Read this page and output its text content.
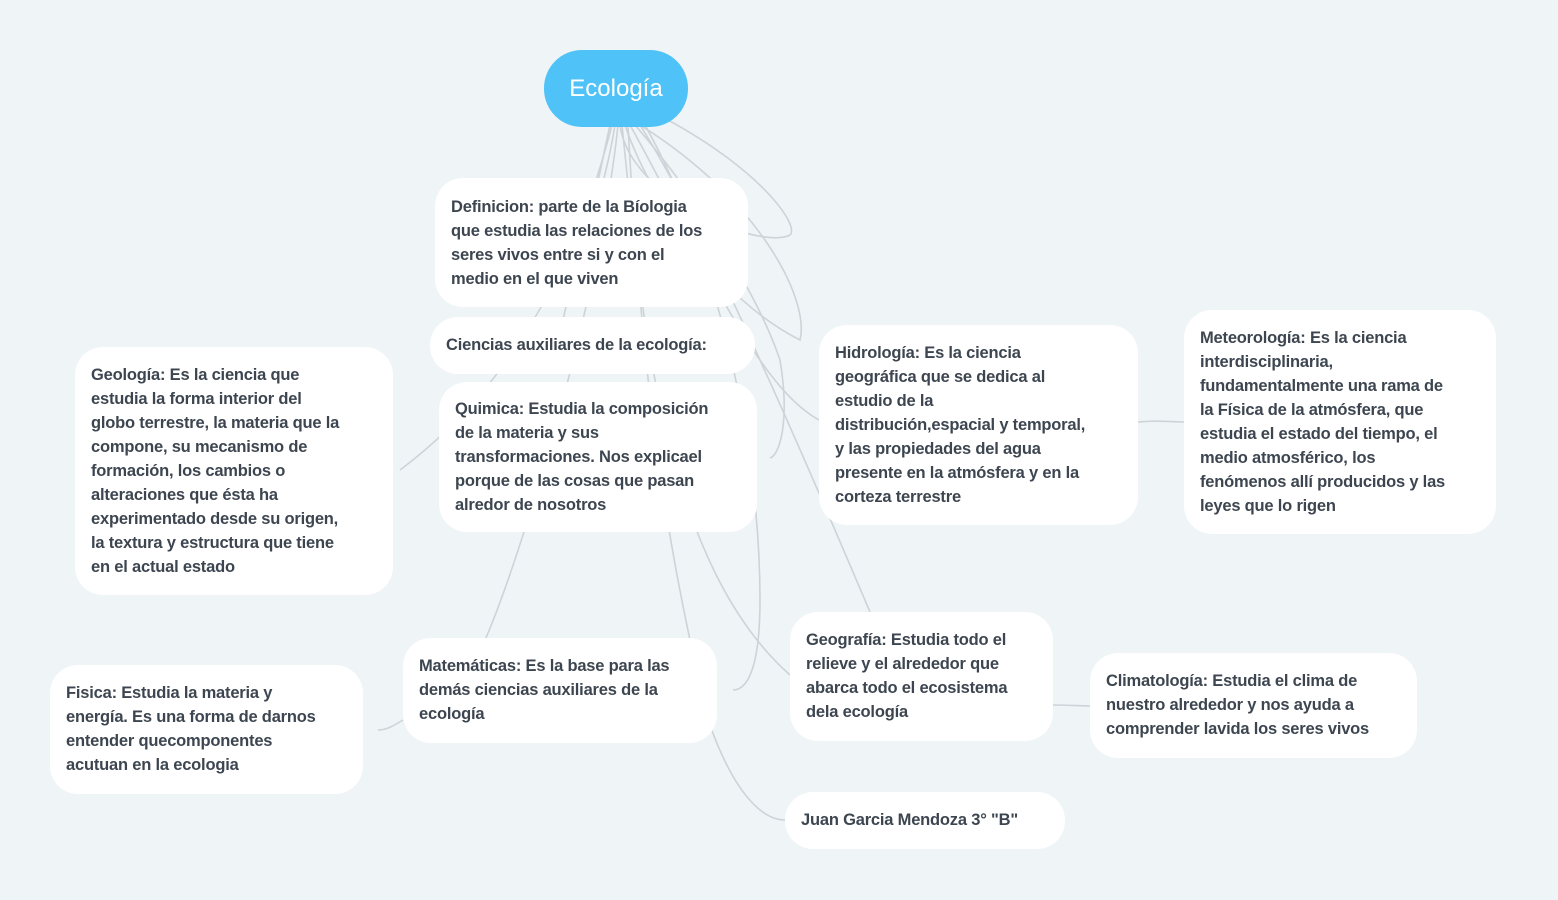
Ecología
Definicion: parte de la Bíologia
que estudia las relaciones de los
seres vivos entre si y con el
medio en el que viven
Ciencias auxiliares de la ecología:
Quimica: Estudia la composición
de la materia y sus
transformaciones. Nos explicael
porque de las cosas que pasan
alredor de nosotros
Geología: Es la ciencia que
estudia la forma interior del
globo terrestre, la materia que la
compone, su mecanismo de
formación, los cambios o
alteraciones que ésta ha
experimentado desde su origen,
la textura y estructura que tiene
en el actual estado
Hidrología: Es la ciencia
geográfica que se dedica al
estudio de la
distribución,espacial y temporal,
y las propiedades del agua
presente en la atmósfera y en la
corteza terrestre
Meteorología: Es la ciencia
interdisciplinaria,
fundamentalmente una rama de
la Física de la atmósfera, que
estudia el estado del tiempo, el
medio atmosférico, los
fenómenos allí producidos y las
leyes que lo rigen
Geografía: Estudia todo el
relieve y el alrededor que
abarca todo el ecosistema
dela ecología
Climatología: Estudia el clima de
nuestro alrededor y nos ayuda a
comprender lavida los seres vivos
Matemáticas: Es la base para las
demás ciencias auxiliares de la
ecología
Fisica: Estudia la materia y
energía. Es una forma de darnos
entender quecomponentes
acutuan en la ecologia
Juan Garcia Mendoza 3° "B"
